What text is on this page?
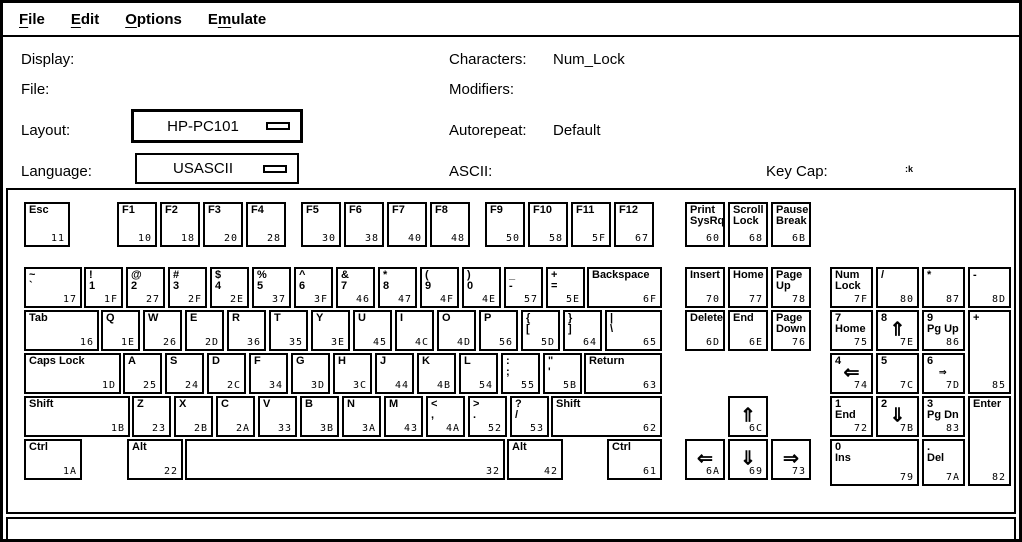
File Edit Options Emulate
Display:
File:
Layout:
Language:
HP-PC101
USASCII
Characters: Num_Lock
Modifiers:
Autorepeat: Default
ASCII:	Key Cap:	:k
Esc
11
F1
10
F2
18
F3
20
F4
28
F5
30
F6
38
F7
40
F8
48
F9
50
F10
58
F11
5F
F12
67
Print
SysRq
60
Scroll
Lock
68
Pause
Break
6B
~
`
17
!
1
1F
@
2
27
#
3
2F
$
4
2E
%
5
37
^
6
3F
&
7
46
*
8
47
(
9
4F
)
0
4E
_
-
57
+
=
5E
Backspace
6F
Tab
16
Q
1E
W
26
E
2D
R
36
T
35
Y
3E
U
45
I
4C
O
4D
P
56
{
[
5D
}
]
64
|
\
65
Caps Lock
1D
A
25
S
24
D
2C
F
34
G
3D
H
3C
J
44
K
4B
L
54
:
;
55
"
'
5B
Return
63
Shift
1B
Z
23
X
2B
C
2A
V
33
B
3B
N
3A
M
43
<
,
4A
>
.
52
?
/
53
Shift
62
Ctrl
1A
Alt
22	32
Alt
42
Ctrl
61
Insert
70
Home
77
Page
Up
78
Delete
6D
End
6E
Page
Down
76
⇑
6C
⇐
6A
⇓
69
⇒
73
Num
Lock
7F
/
80
*
87
-
8D
7
Home
75
8
⇑
7E
9
Pg Up
86
+
85
4
⇐
74
5
7C
6
⇒
7D
1
End
72
2
⇓
7B
3
Pg Dn
83
Enter
82
0
Ins
79
.
Del
7A
